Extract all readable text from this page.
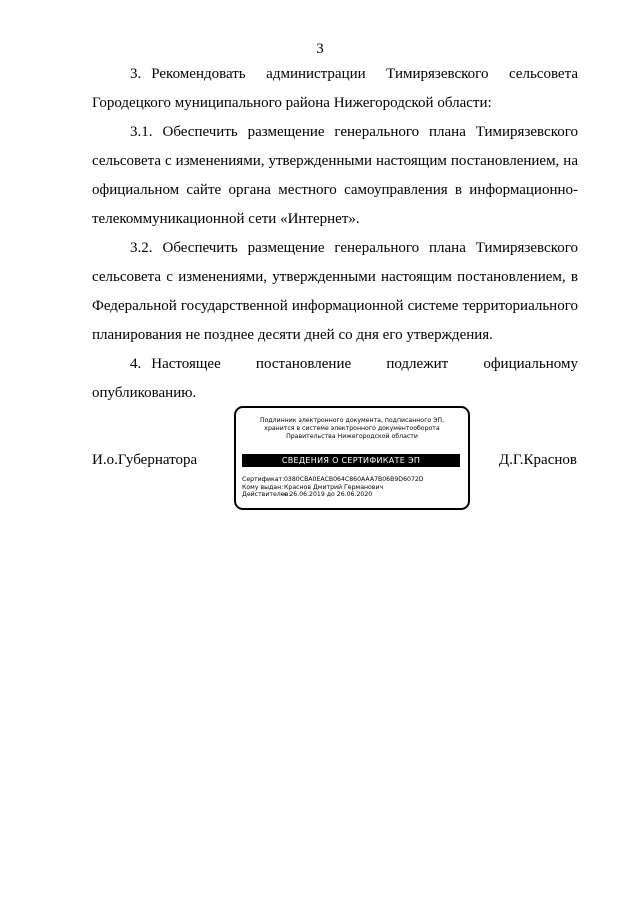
3

3. Рекомендовать администрации Тимирязевского сельсовета Городецкого муниципального района Нижегородской области:

3.1. Обеспечить размещение генерального плана Тимирязевского сельсовета с изменениями, утвержденными настоящим постановлением, на официальном сайте органа местного самоуправления в информационно-телекоммуникационной сети «Интернет».

3.2. Обеспечить размещение генерального плана Тимирязевского сельсовета с изменениями, утвержденными настоящим постановлением, в Федеральной государственной информационной системе территориального планирования не позднее десяти дней со дня его утверждения.

4. Настоящее постановление подлежит официальному опубликованию.

И.о.Губернатора
Подлинник электронного документа, подписанного ЭП,
хранится в системе электронного документооборота
Правительства Нижегородской области
СВЕДЕНИЯ О СЕРТИФИКАТЕ ЭП
Сертификат:0380CBA0EACB064C860AAA7B06B9D6072D
Кому выдан:Краснов Дмитрий Германович
Действителен:с 26.06.2019 до 26.06.2020
Д.Г.Краснов
